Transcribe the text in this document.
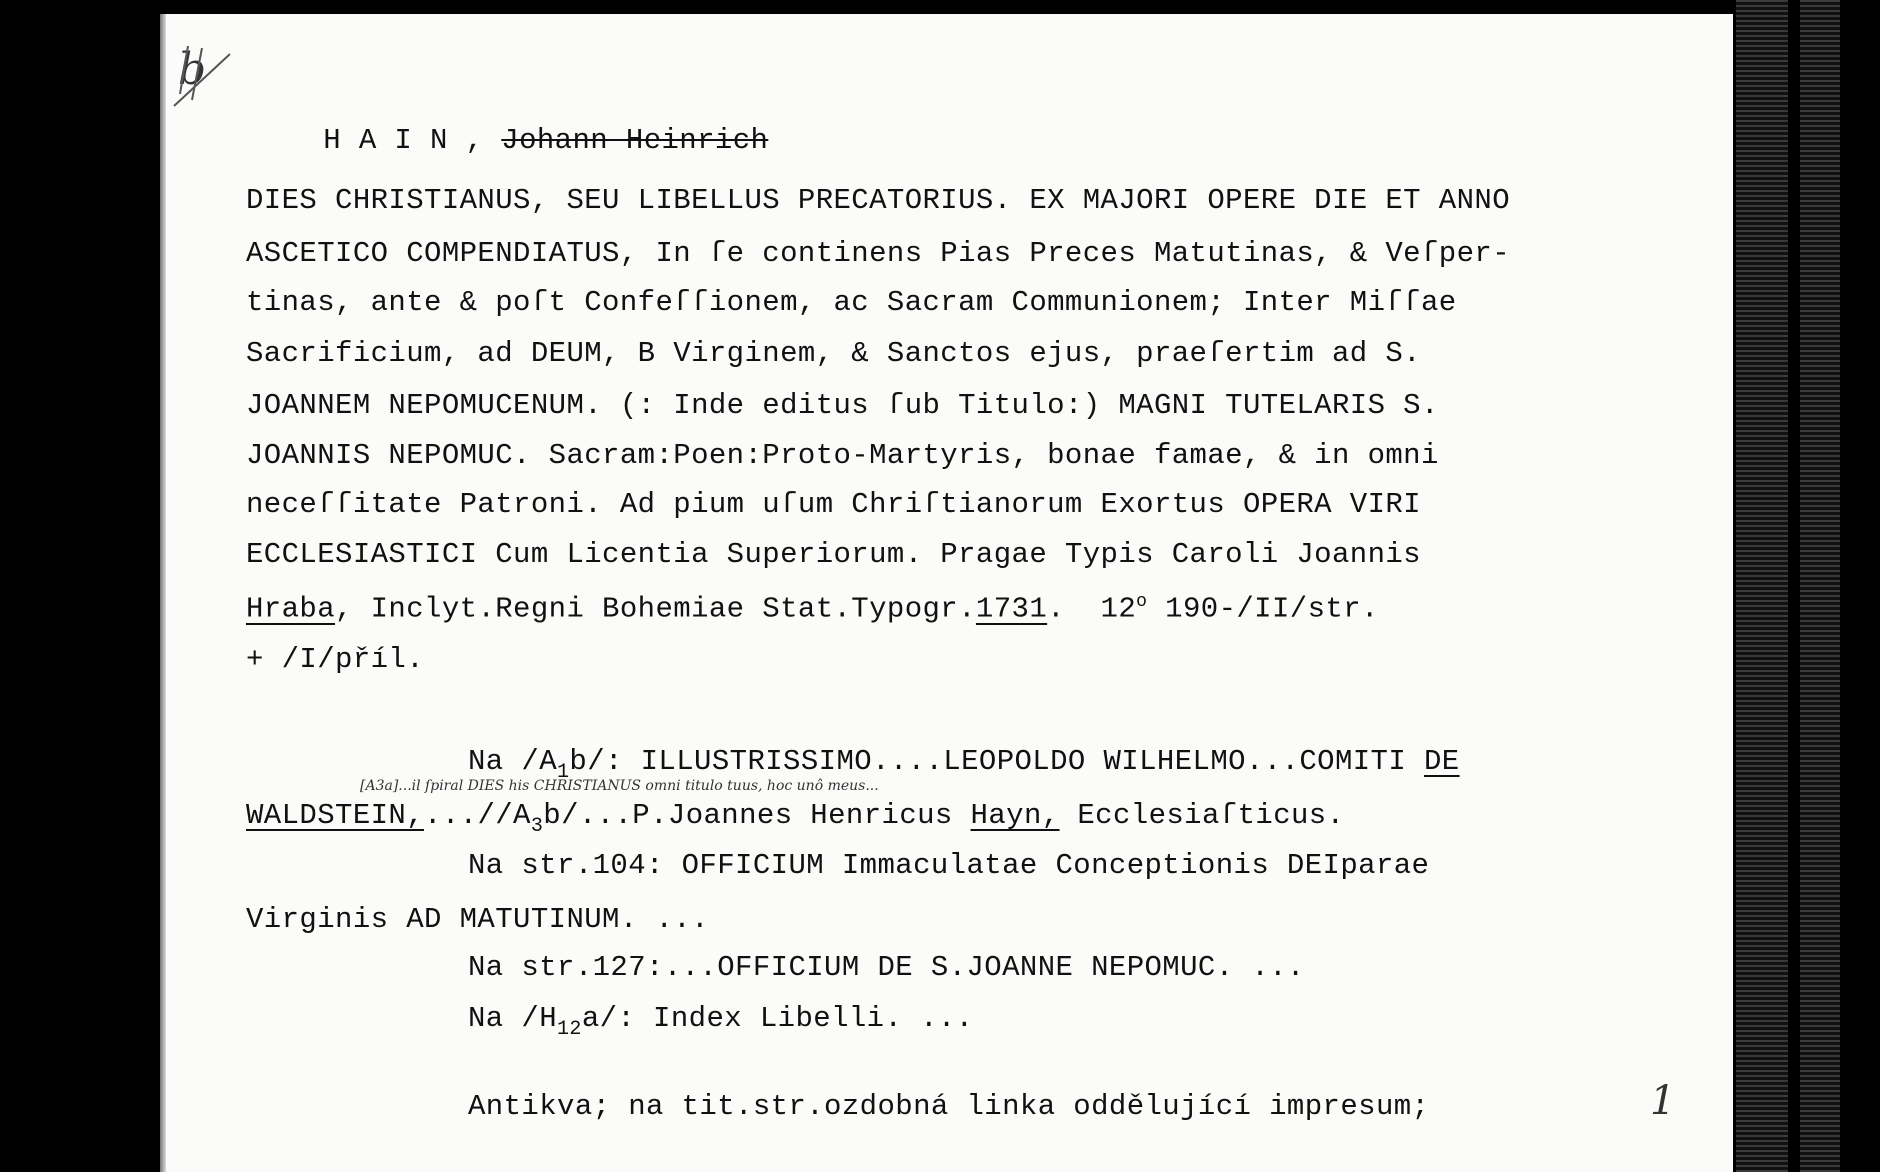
b

H A I N , Johann Heinrich

DIES CHRISTIANUS, SEU LIBELLUS PRECATORIUS. EX MAJORI OPERE DIE ET ANNO
ASCETICO COMPENDIATUS, In ſe continens Pias Preces Matutinas, & Veſper-
tinas, ante & poſt Confeſſionem, ac Sacram Communionem; Inter Miſſae
Sacrificium, ad DEUM, B Virginem, & Sanctos ejus, praeſertim ad S.
JOANNEM NEPOMUCENUM. (: Inde editus ſub Titulo:) MAGNI TUTELARIS S.
JOANNIS NEPOMUC. Sacram:Poen:Proto-Martyris, bonae famae, & in omni
neceſſitate Patroni. Ad pium uſum Chriſtianorum Exortus OPERA VIRI
ECCLESIASTICI Cum Licentia Superiorum. Pragae Typis Caroli Joannis
Hraba, Inclyt.Regni Bohemiae Stat.Typogr.1731.  12$^o$ 190-/II/str.
+ /I/příl.
Na $/A_1b/$: ILLUSTRISSIMO....LEOPOLDO WILHELMO...COMITI DE
[A3a]...il ſpiral DIES his CHRISTIANUS omni titulo tuus, hoc unô meus...
$WALDSTEIN,...//A_3b/...P.Joannes$ Henricus Hayn, Ecclesiaſticus.
Na str.104: OFFICIUM Immaculatae Conceptionis DEIparae
Virginis AD MATUTINUM. ...
Na str.127:...OFFICIUM DE S.JOANNE NEPOMUC. ...
Na $/H_{12}a/$: Index Libelli. ...
Antikva; na tit.str.ozdobná linka oddělující impresum;	1
